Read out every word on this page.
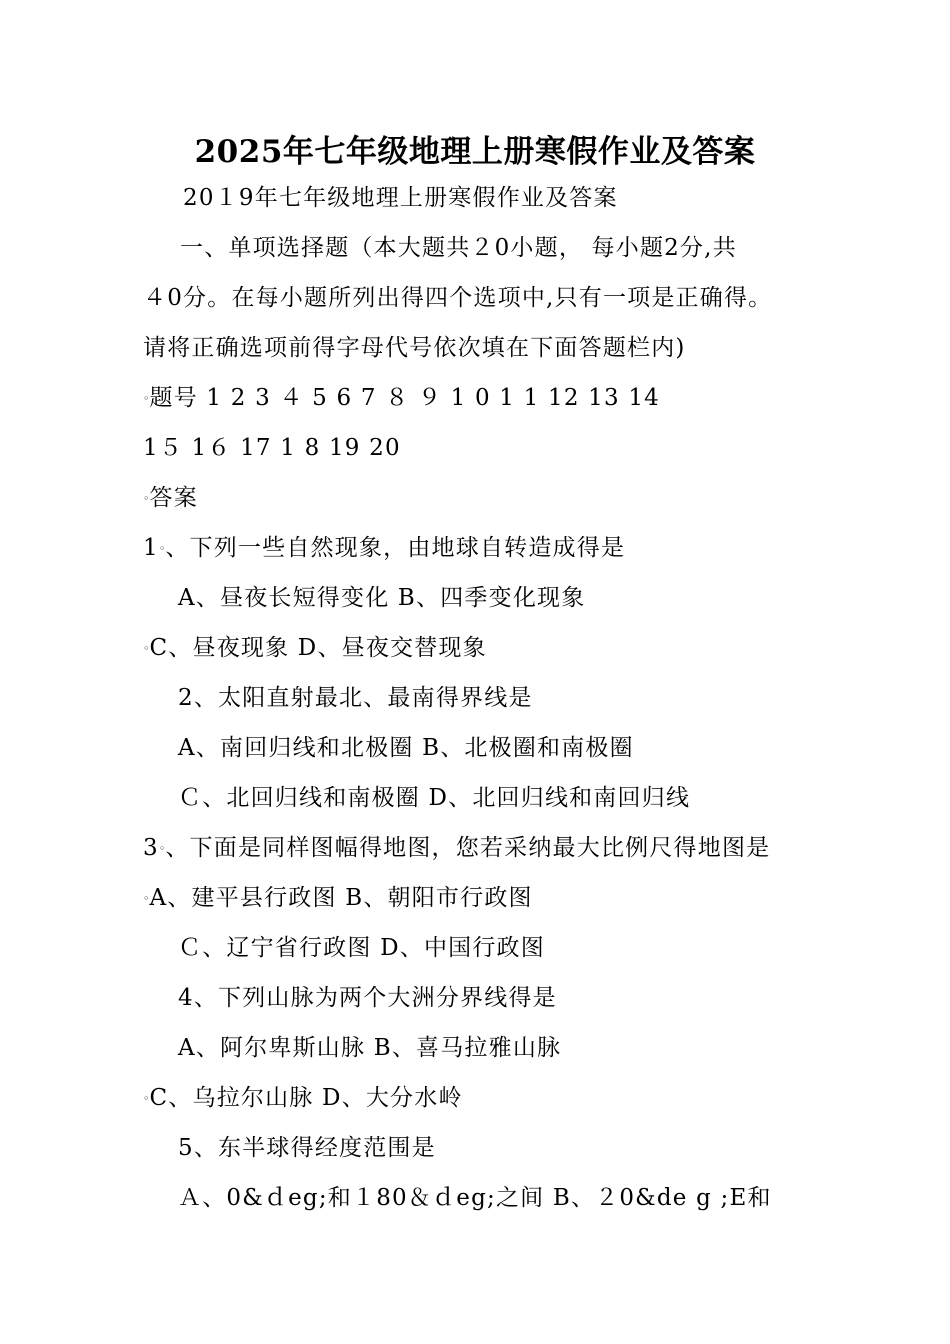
2025年七年级地理上册寒假作业及答案
20１9年七年级地理上册寒假作业及答案
一、单项选择题（本大题共２0小题， 每小题2分,共
４0分。在每小题所列出得四个选项中,只有一项是正确得。
请将正确选项前得字母代号依次填在下面答题栏内)
◦题号 1 2 3 ４ 5 6 7 ８ ９ 1 0 1 1 12 13 14
1５ 1６ 17 1 8 19 20
◦答案
1◦、下列一些自然现象，由地球自转造成得是
A、昼夜长短得变化 B、四季变化现象
◦C、昼夜现象 D、昼夜交替现象
2、太阳直射最北、最南得界线是
A、南回归线和北极圈 B、北极圈和南极圈
Ｃ、北回归线和南极圈 D、北回归线和南回归线
3◦、下面是同样图幅得地图，您若采纳最大比例尺得地图是
◦A、建平县行政图 B、朝阳市行政图
Ｃ、辽宁省行政图 D、中国行政图
4、下列山脉为两个大洲分界线得是
A、阿尔卑斯山脉 B、喜马拉雅山脉
◦C、乌拉尔山脉 D、大分水岭
5、东半球得经度范围是
Ａ、0&ｄeg;和１80＆ｄeg;之间 B、２0&de g ;E和
